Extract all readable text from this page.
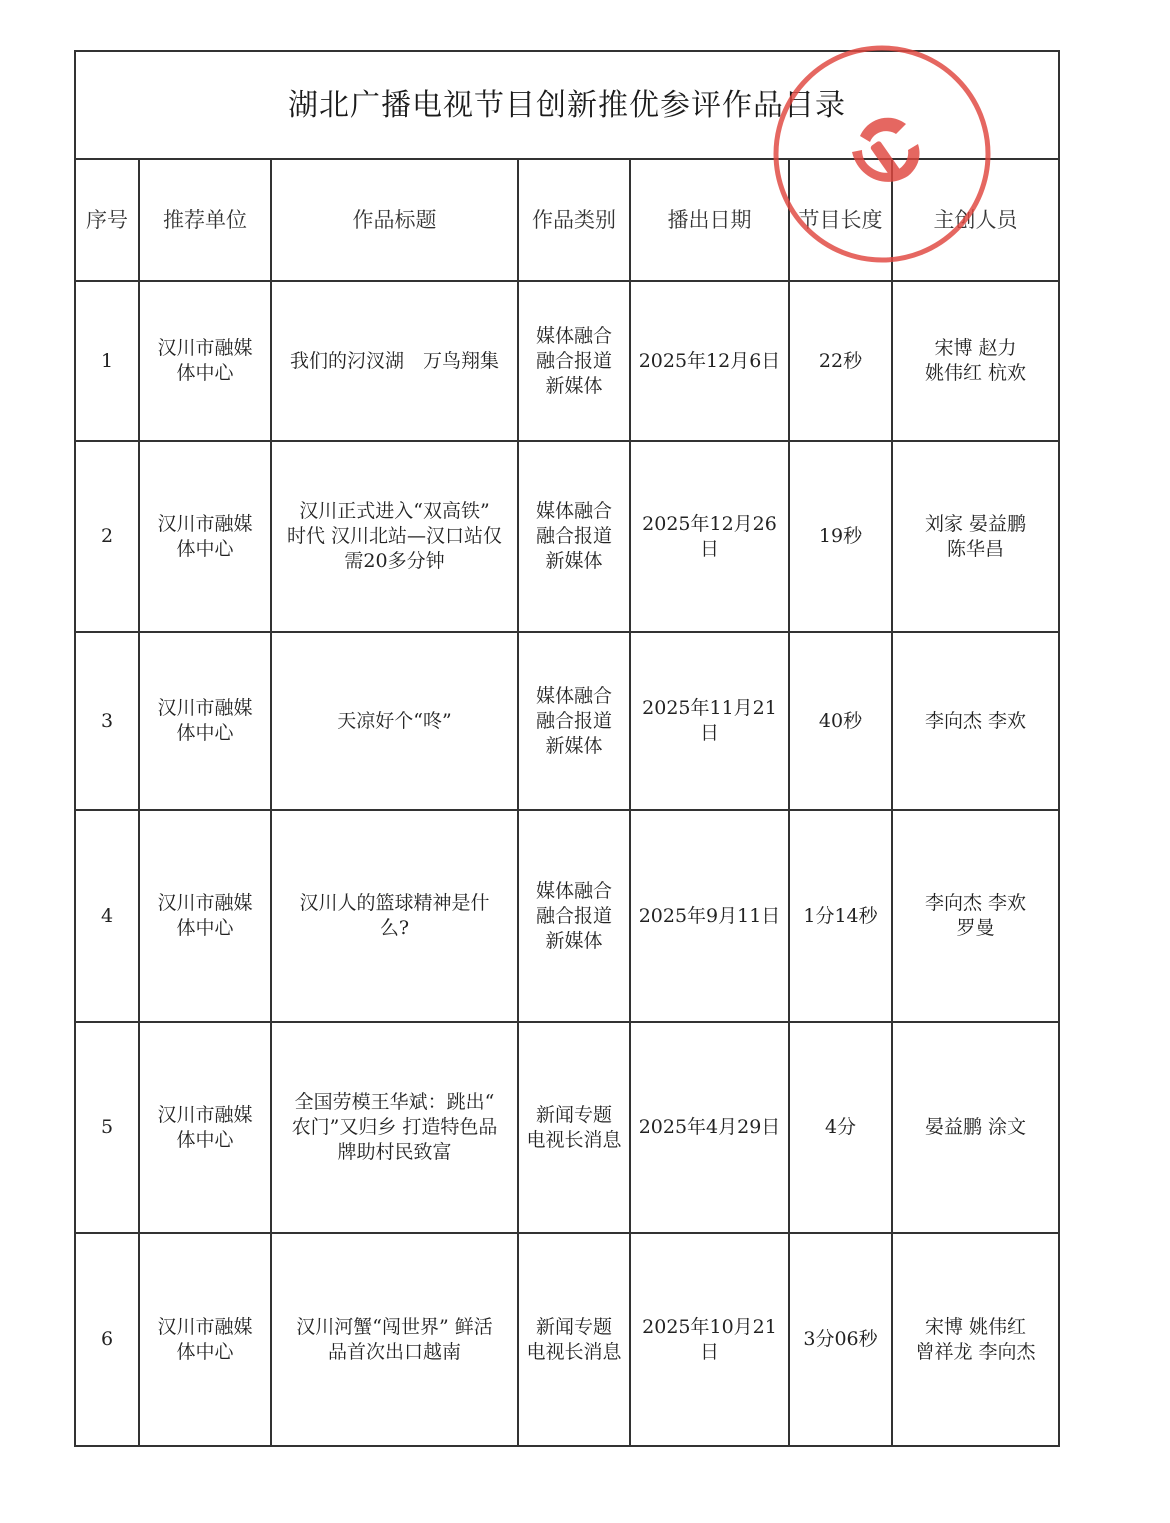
湖北广播电视节目创新推优参评作品目录						
序号	推荐单位	作品标题	作品类别	播出日期	节目长度	主创人员
1	汉川市融媒
体中心	我们的汈汊湖　万鸟翔集	媒体融合
融合报道
新媒体	2025年12月6日	22秒	宋博 赵力
姚伟红 杭欢

2	汉川市融媒
体中心	汉川正式进入“双高铁”
时代 汉川北站—汉口站仅
需20多分钟	媒体融合
融合报道
新媒体	2025年12月26日	19秒	刘家 晏益鹏
陈华昌

3	汉川市融媒
体中心	天凉好个“咚”	媒体融合
融合报道
新媒体	2025年11月21日	40秒	李向杰 李欢

4	汉川市融媒
体中心	汉川人的篮球精神是什
么?	媒体融合
融合报道
新媒体	2025年9月11日	1分14秒	李向杰 李欢
罗曼

5	汉川市融媒
体中心	全国劳模王华斌：跳出“
农门”又归乡 打造特色品
牌助村民致富	新闻专题
电视长消息	2025年4月29日	4分	晏益鹏 涂文

6	汉川市融媒
体中心	汉川河蟹“闯世界” 鲜活
品首次出口越南	新闻专题
电视长消息	2025年10月21日	3分06秒	宋博 姚伟红
曾祥龙 李向杰
